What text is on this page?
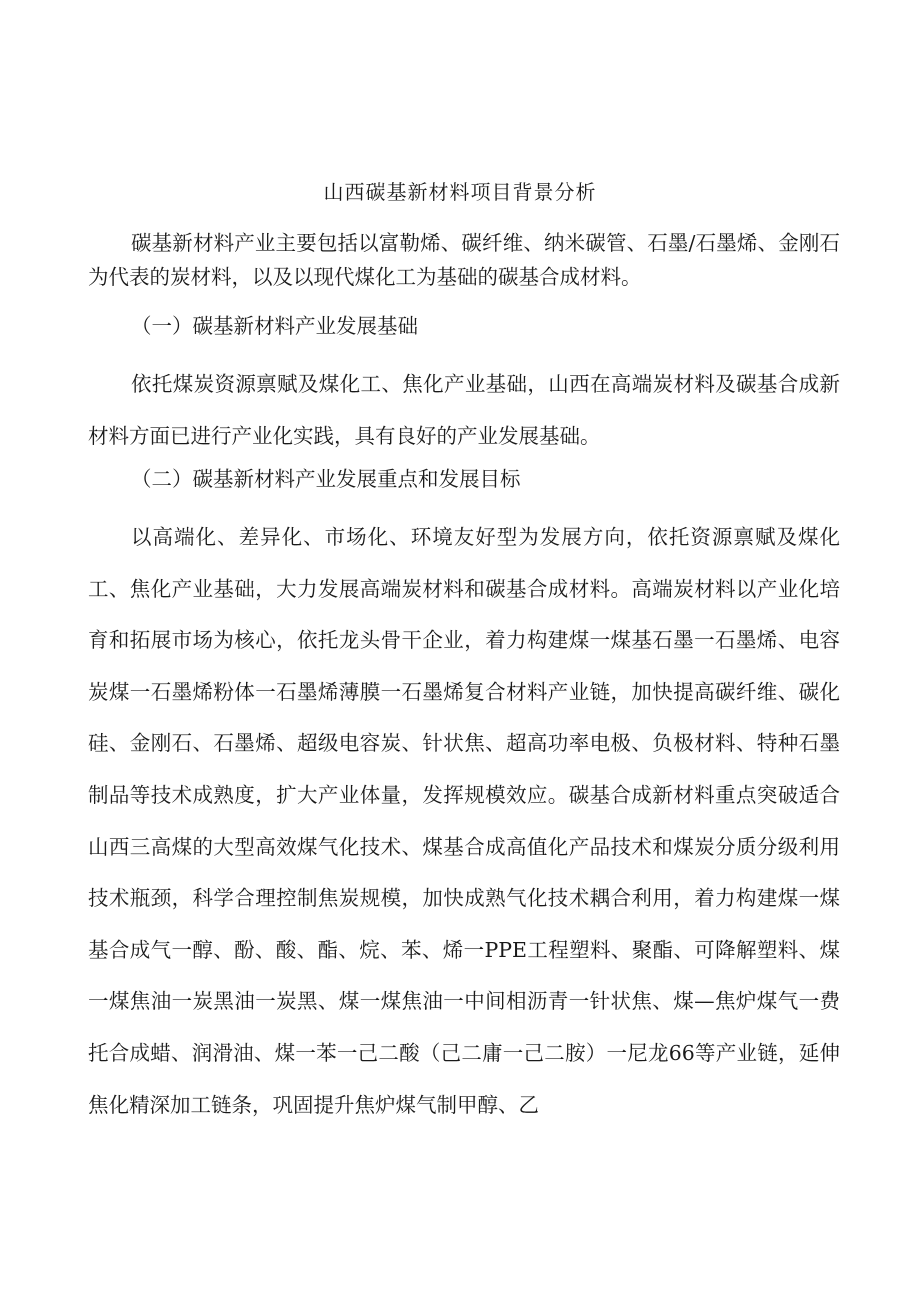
山西碳基新材料项目背景分析

碳基新材料产业主要包括以富勒烯、碳纤维、纳米碳管、石墨/石墨烯、金刚石为代表的炭材料，以及以现代煤化工为基础的碳基合成材料。

（一）碳基新材料产业发展基础

依托煤炭资源禀赋及煤化工、焦化产业基础，山西在高端炭材料及碳基合成新材料方面已进行产业化实践，具有良好的产业发展基础。

（二）碳基新材料产业发展重点和发展目标

以高端化、差异化、市场化、环境友好型为发展方向，依托资源禀赋及煤化工、焦化产业基础，大力发展高端炭材料和碳基合成材料。高端炭材料以产业化培育和拓展市场为核心，依托龙头骨干企业，着力构建煤一煤基石墨一石墨烯、电容炭煤一石墨烯粉体一石墨烯薄膜一石墨烯复合材料产业链，加快提高碳纤维、碳化硅、金刚石、石墨烯、超级电容炭、针状焦、超高功率电极、负极材料、特种石墨制品等技术成熟度，扩大产业体量，发挥规模效应。碳基合成新材料重点突破适合山西三高煤的大型高效煤气化技术、煤基合成高值化产品技术和煤炭分质分级利用技术瓶颈，科学合理控制焦炭规模，加快成熟气化技术耦合利用，着力构建煤一煤基合成气一醇、酚、酸、酯、烷、苯、烯一PPE工程塑料、聚酯、可降解塑料、煤一煤焦油一炭黑油一炭黑、煤一煤焦油一中间相沥青一针状焦、煤—焦炉煤气一费托合成蜡、润滑油、煤一苯一己二酸（己二庸一己二胺）一尼龙66等产业链，延伸焦化精深加工链条，巩固提升焦炉煤气制甲醇、乙
